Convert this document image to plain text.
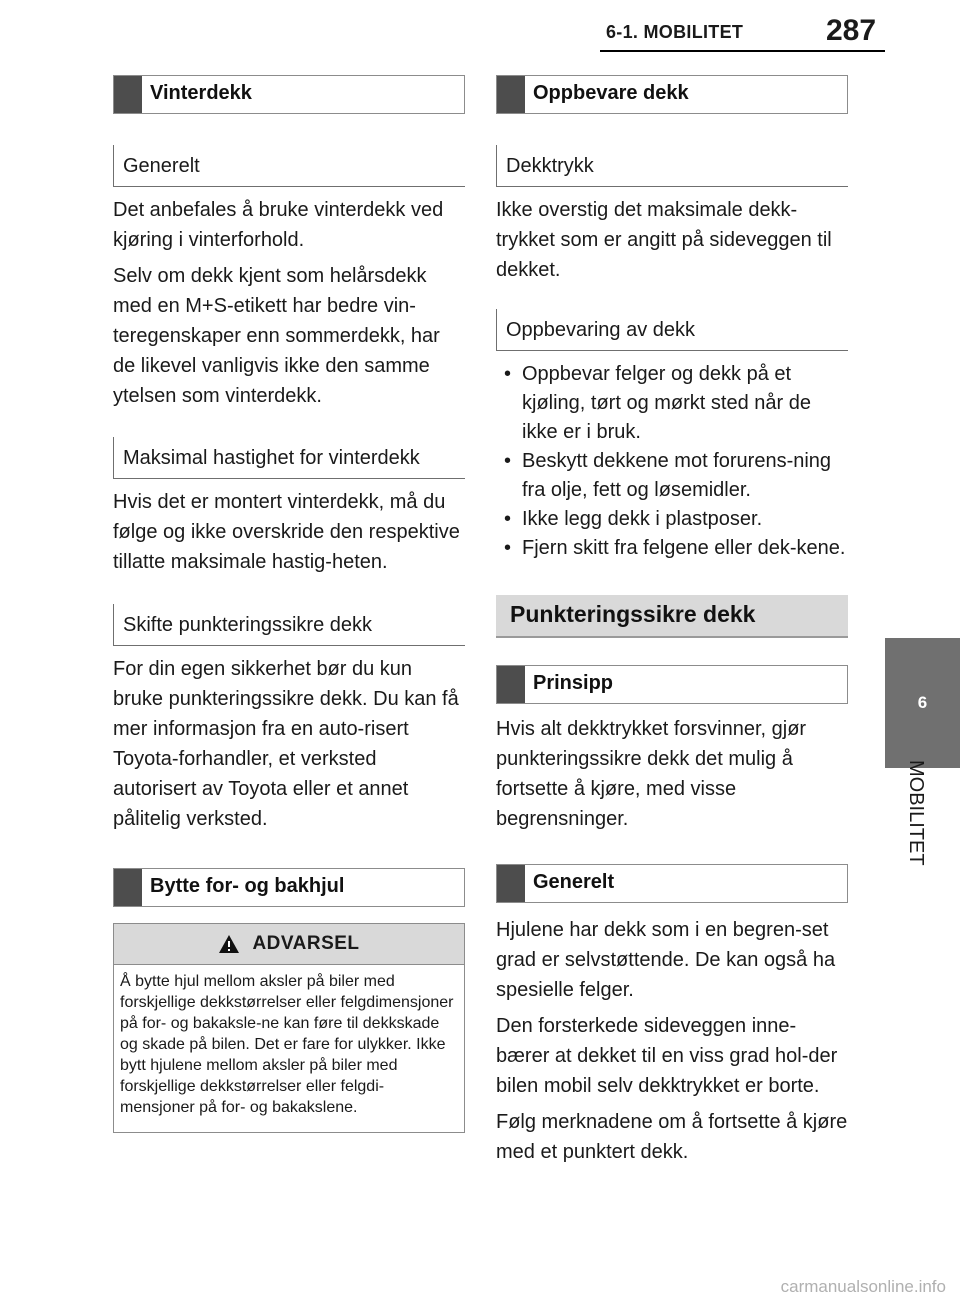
6-1. MOBILITET	287
6
MOBILITET
Vinterdekk
Generelt

Det anbefales å bruke vinterdekk ved kjøring i vinterforhold.

Selv om dekk kjent som helårsdekk med en M+S-etikett har bedre vin-teregenskaper enn sommerdekk, har de likevel vanligvis ikke den samme ytelsen som vinterdekk.

Maksimal hastighet for vinterdekk

Hvis det er montert vinterdekk, må du følge og ikke overskride den respektive tillatte maksimale hastig-heten.

Skifte punkteringssikre dekk

For din egen sikkerhet bør du kun bruke punkteringssikre dekk. Du kan få mer informasjon fra en auto-risert Toyota-forhandler, et verksted autorisert av Toyota eller et annet pålitelig verksted.

Bytte for- og bakhjul
ADVARSEL
Å bytte hjul mellom aksler på biler med forskjellige dekkstørrelser eller felgdimensjoner på for- og bakaksle-ne kan føre til dekkskade og skade på bilen. Det er fare for ulykker. Ikke bytt hjulene mellom aksler på biler med forskjellige dekkstørrelser eller felgdi-mensjoner på for- og bakakslene.
Oppbevare dekk
Dekktrykk

Ikke overstig det maksimale dekk-trykket som er angitt på sideveggen til dekket.

Oppbevaring av dekk
• Oppbevar felger og dekk på et kjøling, tørt og mørkt sted når de ikke er i bruk.
• Beskytt dekkene mot forurens-ning fra olje, fett og løsemidler.
• Ikke legg dekk i plastposer.
• Fjern skitt fra felgene eller dek-kene.
Punkteringssikre dekk
Prinsipp

Hvis alt dekktrykket forsvinner, gjør punkteringssikre dekk det mulig å fortsette å kjøre, med visse begrensninger.

Generelt

Hjulene har dekk som i en begren-set grad er selvstøttende. De kan også ha spesielle felger.

Den forsterkede sideveggen inne-bærer at dekket til en viss grad hol-der bilen mobil selv dekktrykket er borte.

Følg merknadene om å fortsette å kjøre med et punktert dekk.

carmanualsonline.info
